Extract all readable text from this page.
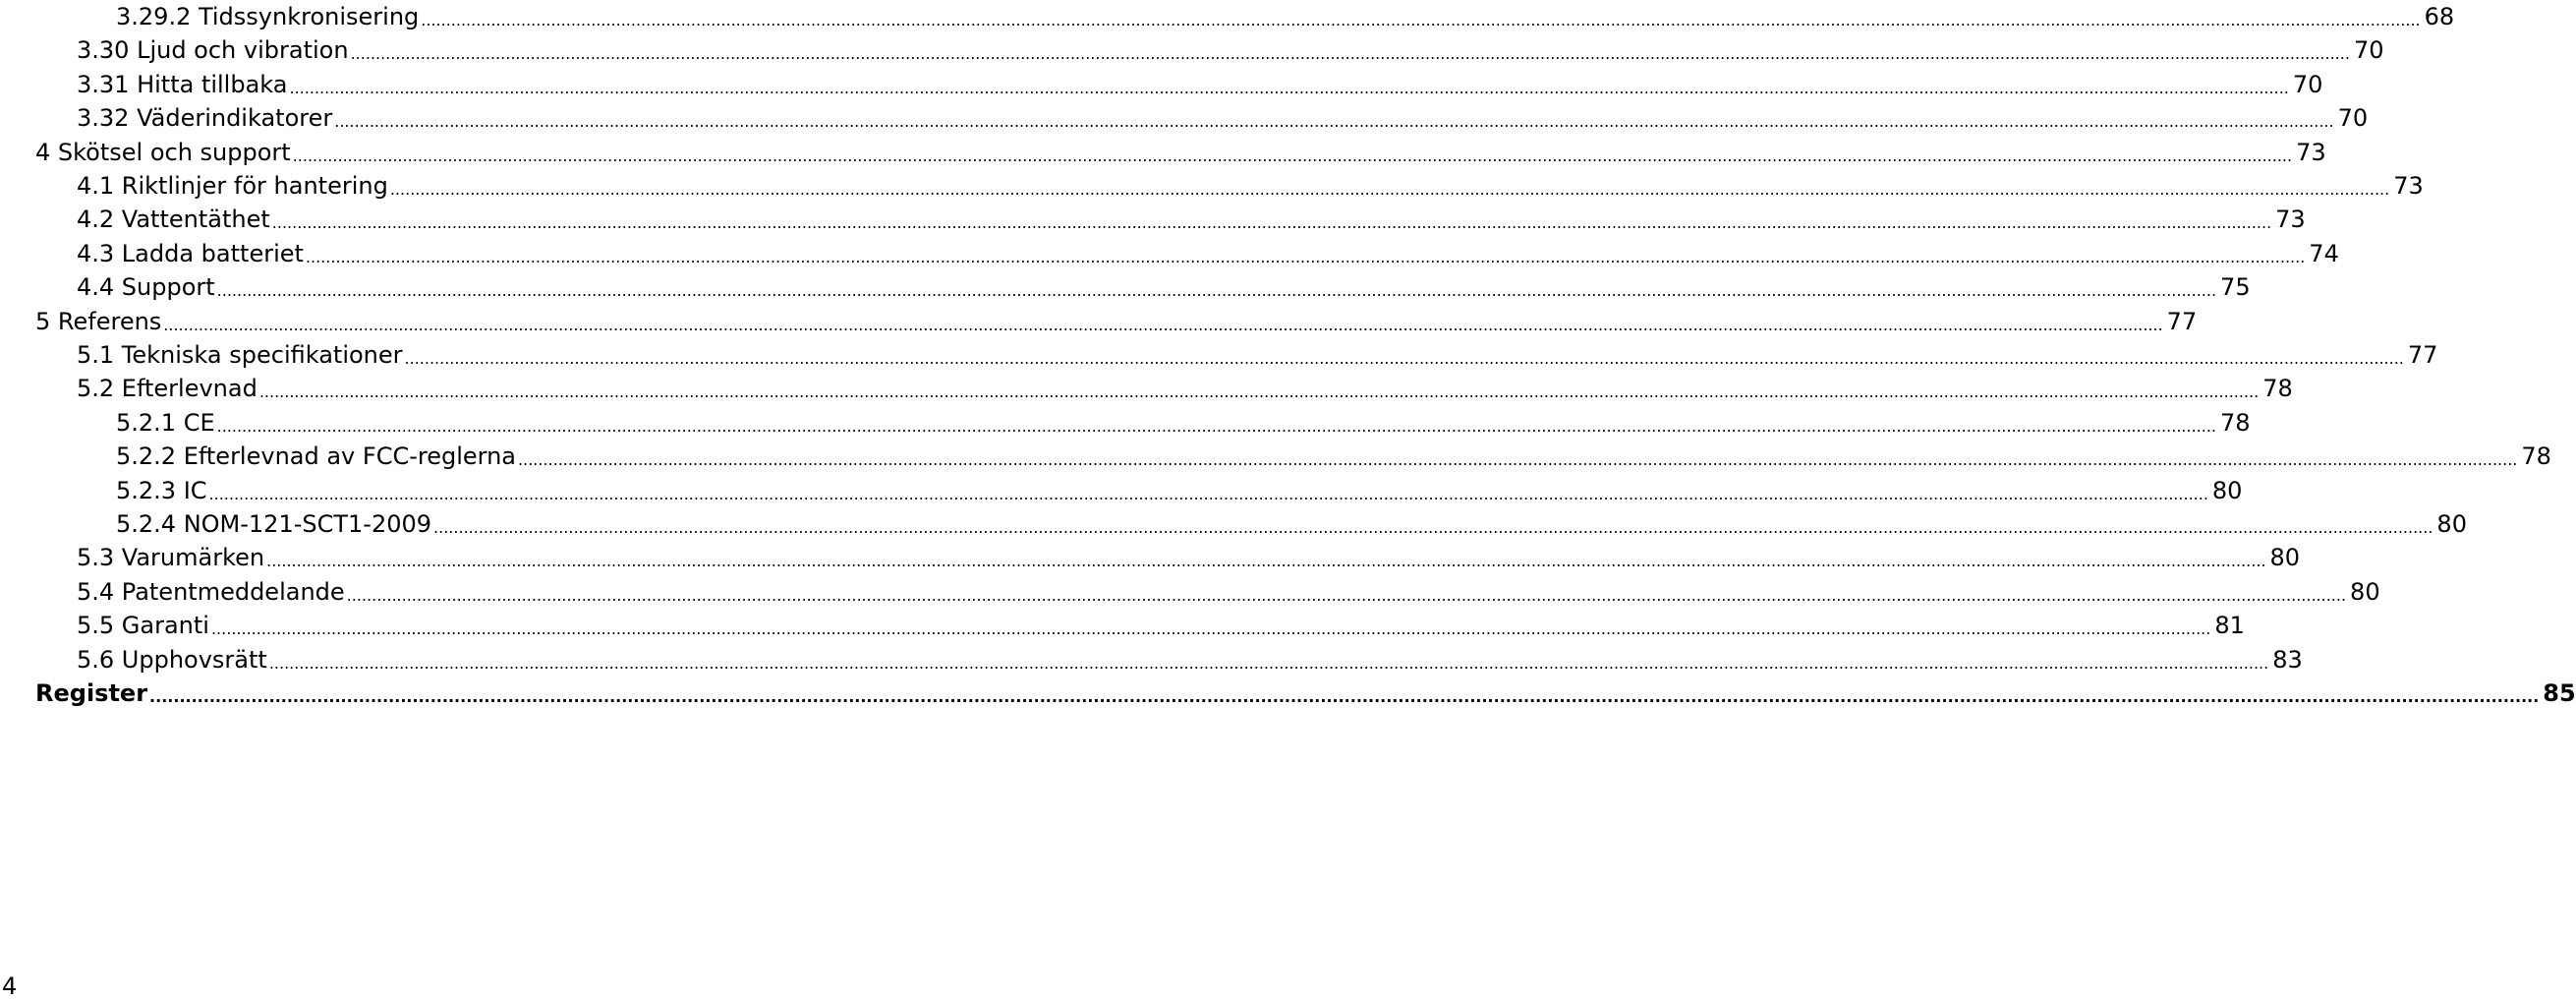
3.29.2 Tidssynkronisering ................................................................................................................................................................................................................................................................................................................................................................................................................ 68
3.30 Ljud och vibration ................................................................................................................................................................................................................................................................................................................................................................................................................ 70
3.31 Hitta tillbaka ................................................................................................................................................................................................................................................................................................................................................................................................................ 70
3.32 Väderindikatorer ................................................................................................................................................................................................................................................................................................................................................................................................................ 70
4 Skötsel och support ................................................................................................................................................................................................................................................................................................................................................................................................................ 73
4.1 Riktlinjer för hantering ................................................................................................................................................................................................................................................................................................................................................................................................................ 73
4.2 Vattentäthet ................................................................................................................................................................................................................................................................................................................................................................................................................ 73
4.3 Ladda batteriet ................................................................................................................................................................................................................................................................................................................................................................................................................ 74
4.4 Support ................................................................................................................................................................................................................................................................................................................................................................................................................ 75
5 Referens ................................................................................................................................................................................................................................................................................................................................................................................................................ 77
5.1 Tekniska specifikationer ................................................................................................................................................................................................................................................................................................................................................................................................................ 77
5.2 Efterlevnad ................................................................................................................................................................................................................................................................................................................................................................................................................ 78
5.2.1 CE ................................................................................................................................................................................................................................................................................................................................................................................................................ 78
5.2.2 Efterlevnad av FCC-reglerna ................................................................................................................................................................................................................................................................................................................................................................................................................ 78
5.2.3 IC ................................................................................................................................................................................................................................................................................................................................................................................................................ 80
5.2.4 NOM-121-SCT1-2009 ................................................................................................................................................................................................................................................................................................................................................................................................................ 80
5.3 Varumärken ................................................................................................................................................................................................................................................................................................................................................................................................................ 80
5.4 Patentmeddelande ................................................................................................................................................................................................................................................................................................................................................................................................................ 80
5.5 Garanti ................................................................................................................................................................................................................................................................................................................................................................................................................ 81
5.6 Upphovsrätt ................................................................................................................................................................................................................................................................................................................................................................................................................ 83
Register ................................................................................................................................................................................................................................................................................................................................................................................................................ 85
4
